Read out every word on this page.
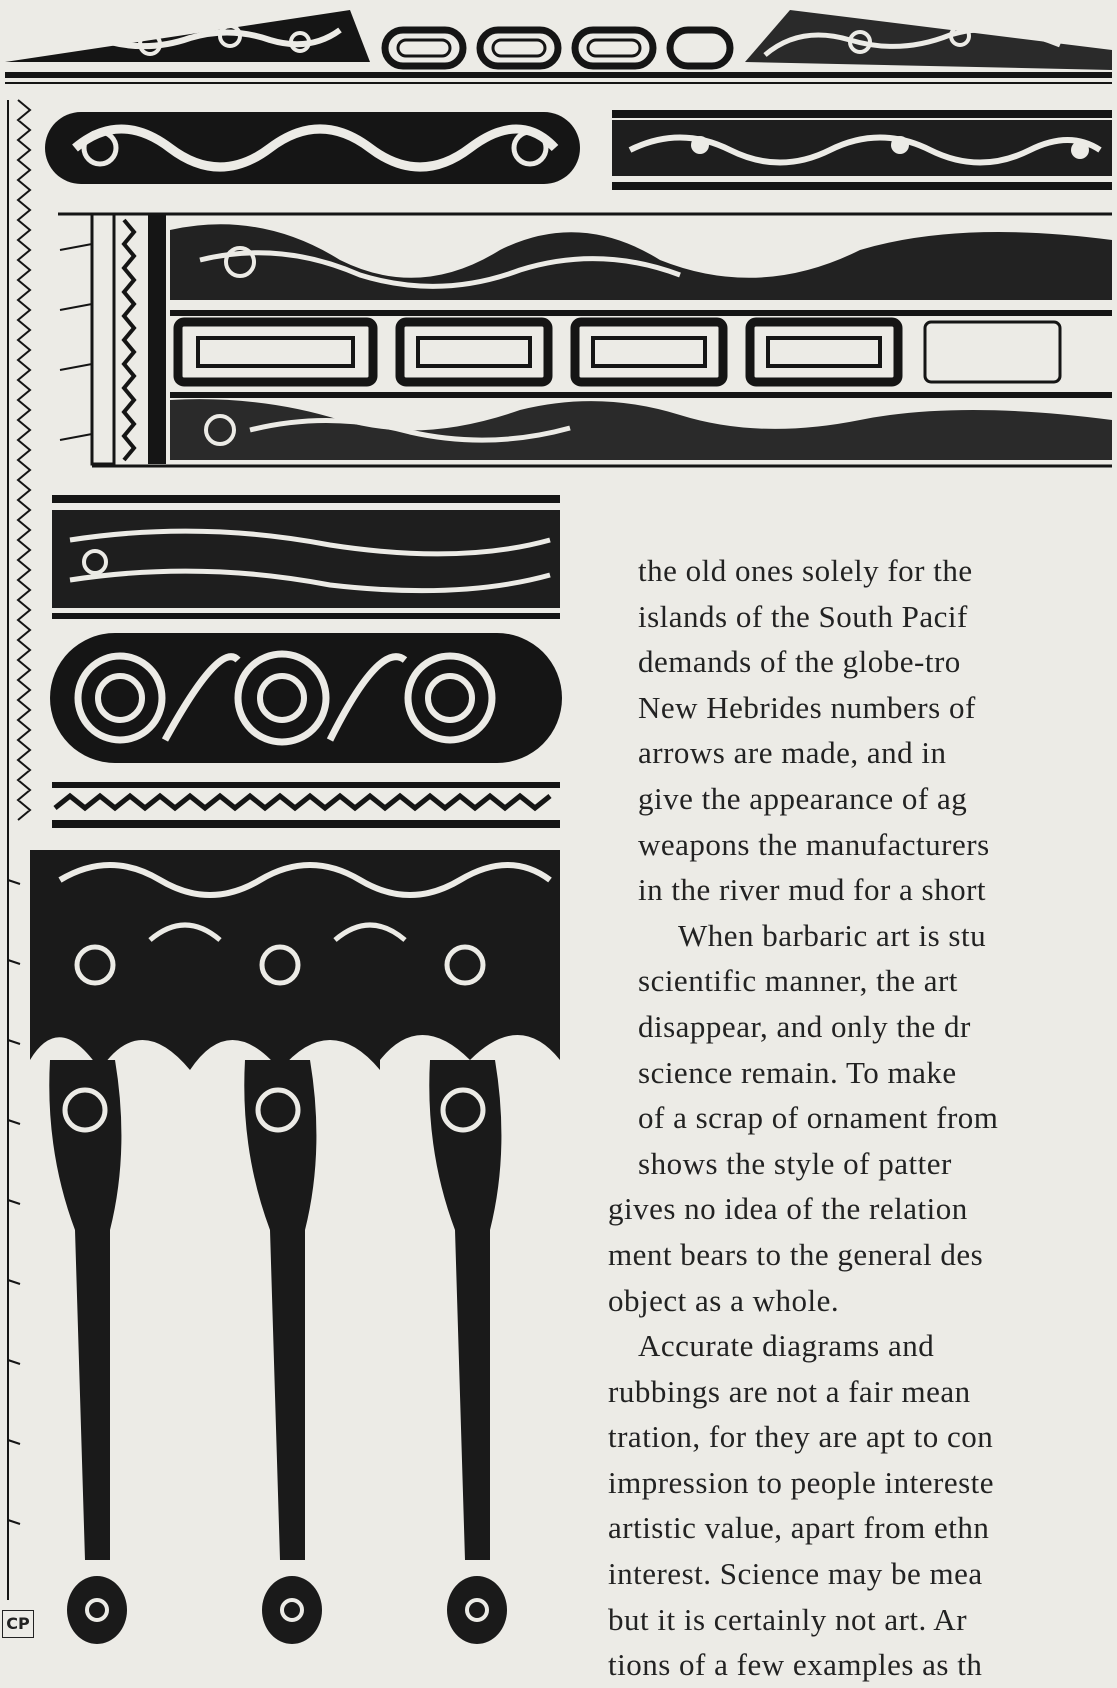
CP
the old ones solely for the
islands of the South Pacif
demands of the globe-tro
New Hebrides numbers of
arrows are made, and in
give the appearance of ag
weapons the manufacturers
in the river mud for a short
When barbaric art is stu
scientific manner, the art
disappear, and only the dr
science remain. To make
of a scrap of ornament from
shows the style of patter
gives no idea of the relation
ment bears to the general des
object as a whole.
Accurate diagrams and
rubbings are not a fair mean
tration, for they are apt to con
impression to people intereste
artistic value, apart from ethn
interest. Science may be mea
but it is certainly not art. Ar
tions of a few examples as th
